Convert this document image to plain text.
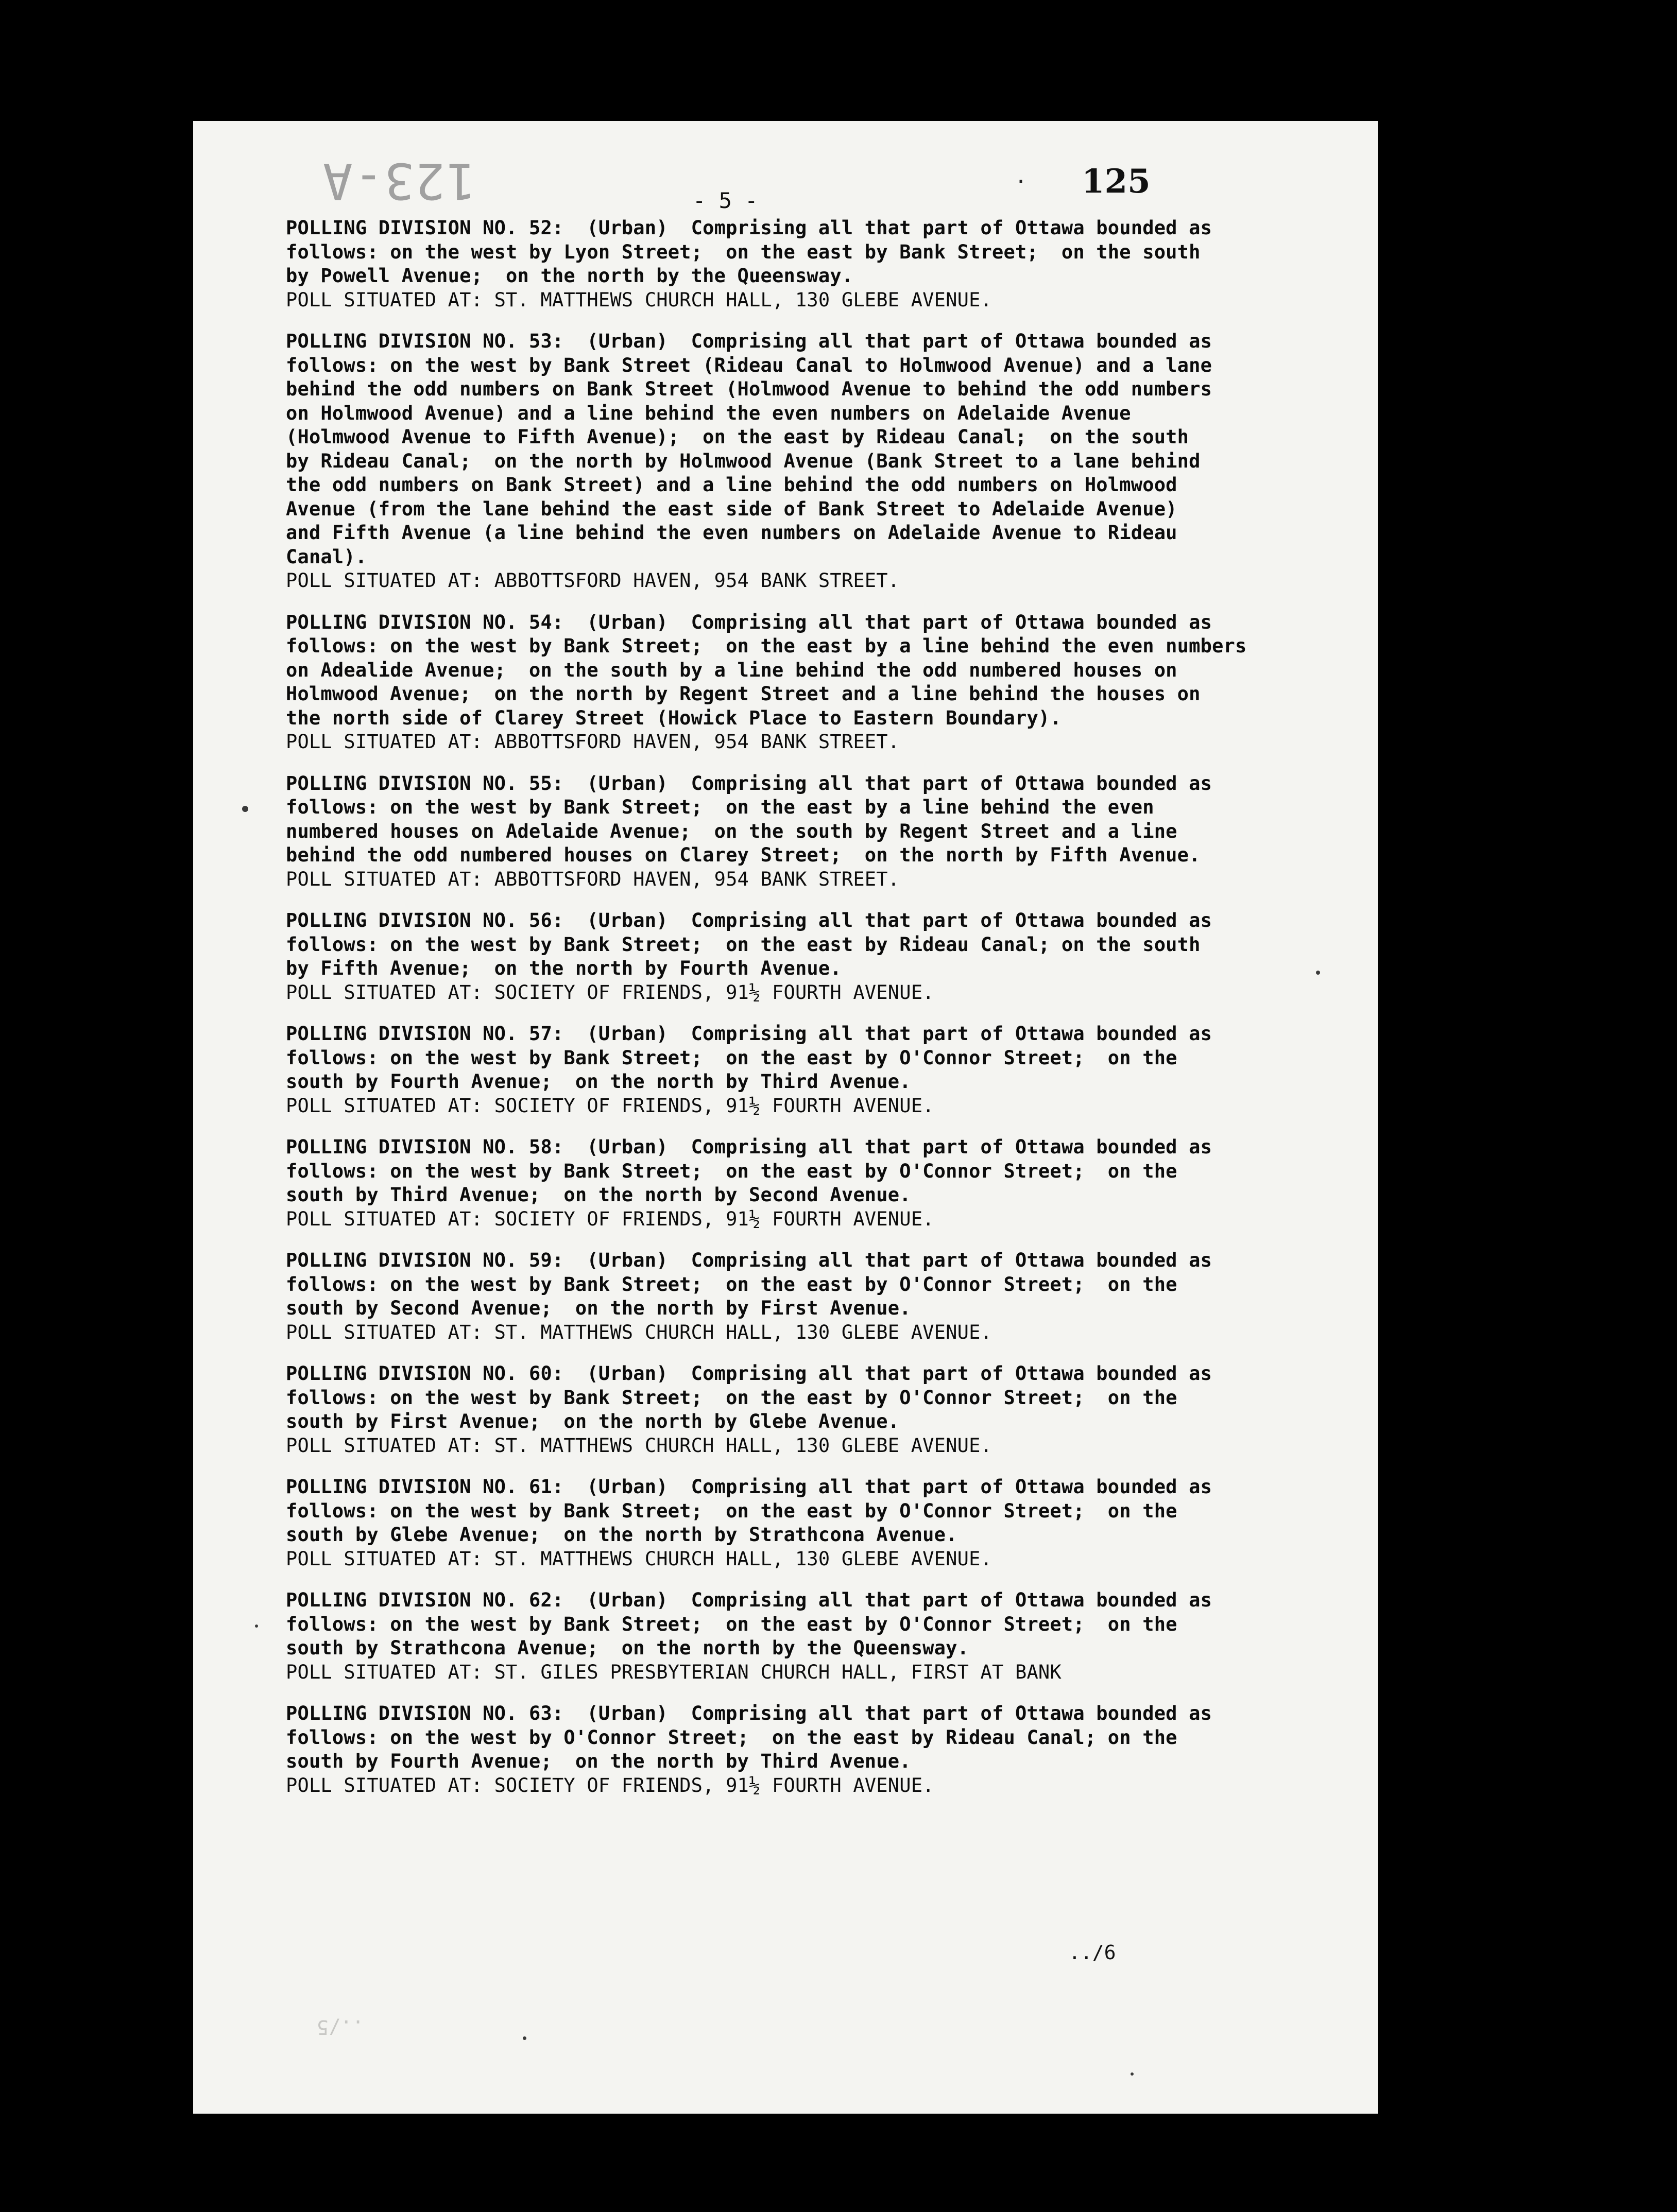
123-A	- 5 -
· 125

POLLING DIVISION NO. 52:  (Urban)  Comprising all that part of Ottawa bounded as

follows: on the west by Lyon Street;  on the east by Bank Street;  on the south

by Powell Avenue;  on the north by the Queensway.

POLL SITUATED AT: ST. MATTHEWS CHURCH HALL, 130 GLEBE AVENUE.

POLLING DIVISION NO. 53:  (Urban)  Comprising all that part of Ottawa bounded as

follows: on the west by Bank Street (Rideau Canal to Holmwood Avenue) and a lane

behind the odd numbers on Bank Street (Holmwood Avenue to behind the odd numbers

on Holmwood Avenue) and a line behind the even numbers on Adelaide Avenue

(Holmwood Avenue to Fifth Avenue);  on the east by Rideau Canal;  on the south

by Rideau Canal;  on the north by Holmwood Avenue (Bank Street to a lane behind

the odd numbers on Bank Street) and a line behind the odd numbers on Holmwood

Avenue (from the lane behind the east side of Bank Street to Adelaide Avenue)

and Fifth Avenue (a line behind the even numbers on Adelaide Avenue to Rideau

Canal).

POLL SITUATED AT: ABBOTTSFORD HAVEN, 954 BANK STREET.

POLLING DIVISION NO. 54:  (Urban)  Comprising all that part of Ottawa bounded as

follows: on the west by Bank Street;  on the east by a line behind the even numbers

on Adealide Avenue;  on the south by a line behind the odd numbered houses on

Holmwood Avenue;  on the north by Regent Street and a line behind the houses on

the north side of Clarey Street (Howick Place to Eastern Boundary).

POLL SITUATED AT: ABBOTTSFORD HAVEN, 954 BANK STREET.

POLLING DIVISION NO. 55:  (Urban)  Comprising all that part of Ottawa bounded as

follows: on the west by Bank Street;  on the east by a line behind the even

numbered houses on Adelaide Avenue;  on the south by Regent Street and a line

behind the odd numbered houses on Clarey Street;  on the north by Fifth Avenue.

POLL SITUATED AT: ABBOTTSFORD HAVEN, 954 BANK STREET.

POLLING DIVISION NO. 56:  (Urban)  Comprising all that part of Ottawa bounded as

follows: on the west by Bank Street;  on the east by Rideau Canal; on the south

by Fifth Avenue;  on the north by Fourth Avenue.

POLL SITUATED AT: SOCIETY OF FRIENDS, 91½ FOURTH AVENUE.

POLLING DIVISION NO. 57:  (Urban)  Comprising all that part of Ottawa bounded as

follows: on the west by Bank Street;  on the east by O'Connor Street;  on the

south by Fourth Avenue;  on the north by Third Avenue.

POLL SITUATED AT: SOCIETY OF FRIENDS, 91½ FOURTH AVENUE.

POLLING DIVISION NO. 58:  (Urban)  Comprising all that part of Ottawa bounded as

follows: on the west by Bank Street;  on the east by O'Connor Street;  on the

south by Third Avenue;  on the north by Second Avenue.

POLL SITUATED AT: SOCIETY OF FRIENDS, 91½ FOURTH AVENUE.

POLLING DIVISION NO. 59:  (Urban)  Comprising all that part of Ottawa bounded as

follows: on the west by Bank Street;  on the east by O'Connor Street;  on the

south by Second Avenue;  on the north by First Avenue.

POLL SITUATED AT: ST. MATTHEWS CHURCH HALL, 130 GLEBE AVENUE.

POLLING DIVISION NO. 60:  (Urban)  Comprising all that part of Ottawa bounded as

follows: on the west by Bank Street;  on the east by O'Connor Street;  on the

south by First Avenue;  on the north by Glebe Avenue.

POLL SITUATED AT: ST. MATTHEWS CHURCH HALL, 130 GLEBE AVENUE.

POLLING DIVISION NO. 61:  (Urban)  Comprising all that part of Ottawa bounded as

follows: on the west by Bank Street;  on the east by O'Connor Street;  on the

south by Glebe Avenue;  on the north by Strathcona Avenue.

POLL SITUATED AT: ST. MATTHEWS CHURCH HALL, 130 GLEBE AVENUE.

POLLING DIVISION NO. 62:  (Urban)  Comprising all that part of Ottawa bounded as

follows: on the west by Bank Street;  on the east by O'Connor Street;  on the

south by Strathcona Avenue;  on the north by the Queensway.

POLL SITUATED AT: ST. GILES PRESBYTERIAN CHURCH HALL, FIRST AT BANK

POLLING DIVISION NO. 63:  (Urban)  Comprising all that part of Ottawa bounded as

follows: on the west by O'Connor Street;  on the east by Rideau Canal; on the

south by Fourth Avenue;  on the north by Third Avenue.

POLL SITUATED AT: SOCIETY OF FRIENDS, 91½ FOURTH AVENUE.

../6
../5
